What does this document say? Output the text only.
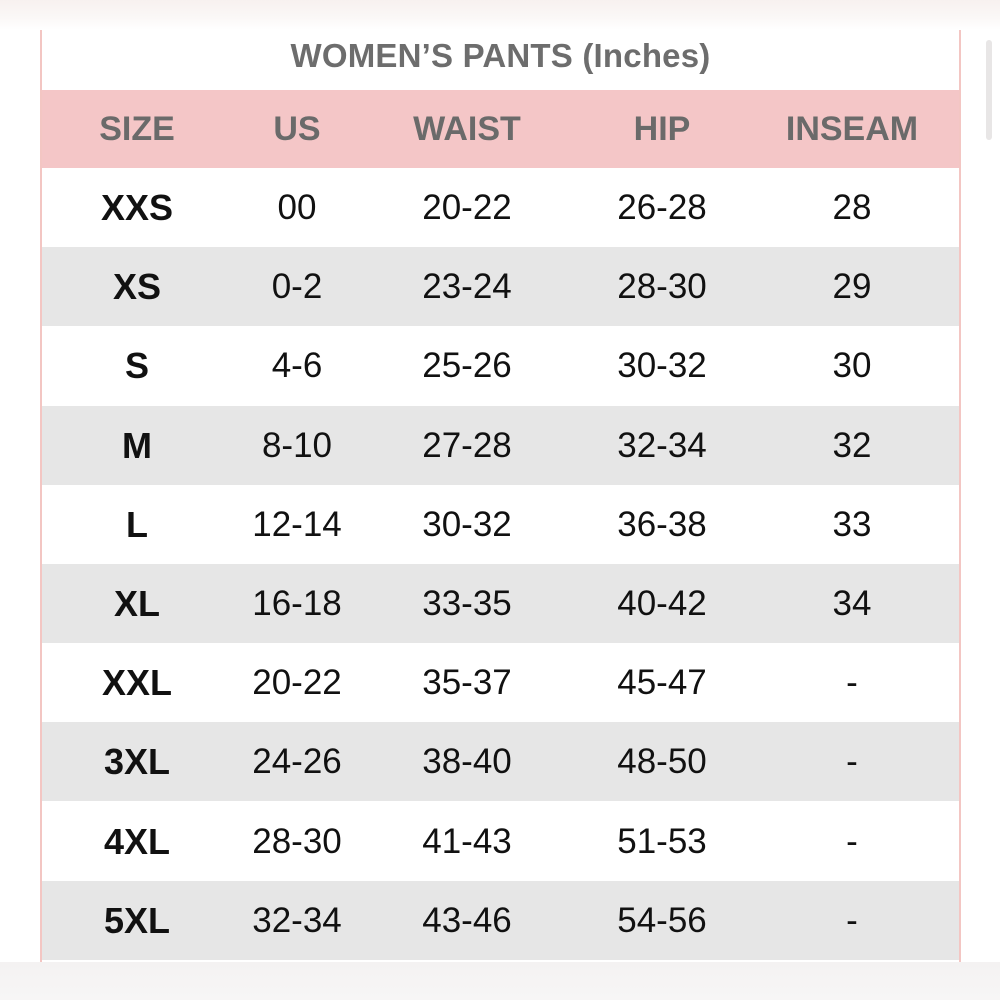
WOMEN’S PANTS (Inches)
SIZE	US	WAIST	HIP	INSEAM
XXS	00	20-22	26-28	28
XS	0-2	23-24	28-30	29
S	4-6	25-26	30-32	30
M	8-10	27-28	32-34	32
L	12-14	30-32	36-38	33
XL	16-18	33-35	40-42	34
XXL	20-22	35-37	45-47	-
3XL	24-26	38-40	48-50	-
4XL	28-30	41-43	51-53	-
5XL	32-34	43-46	54-56	-
